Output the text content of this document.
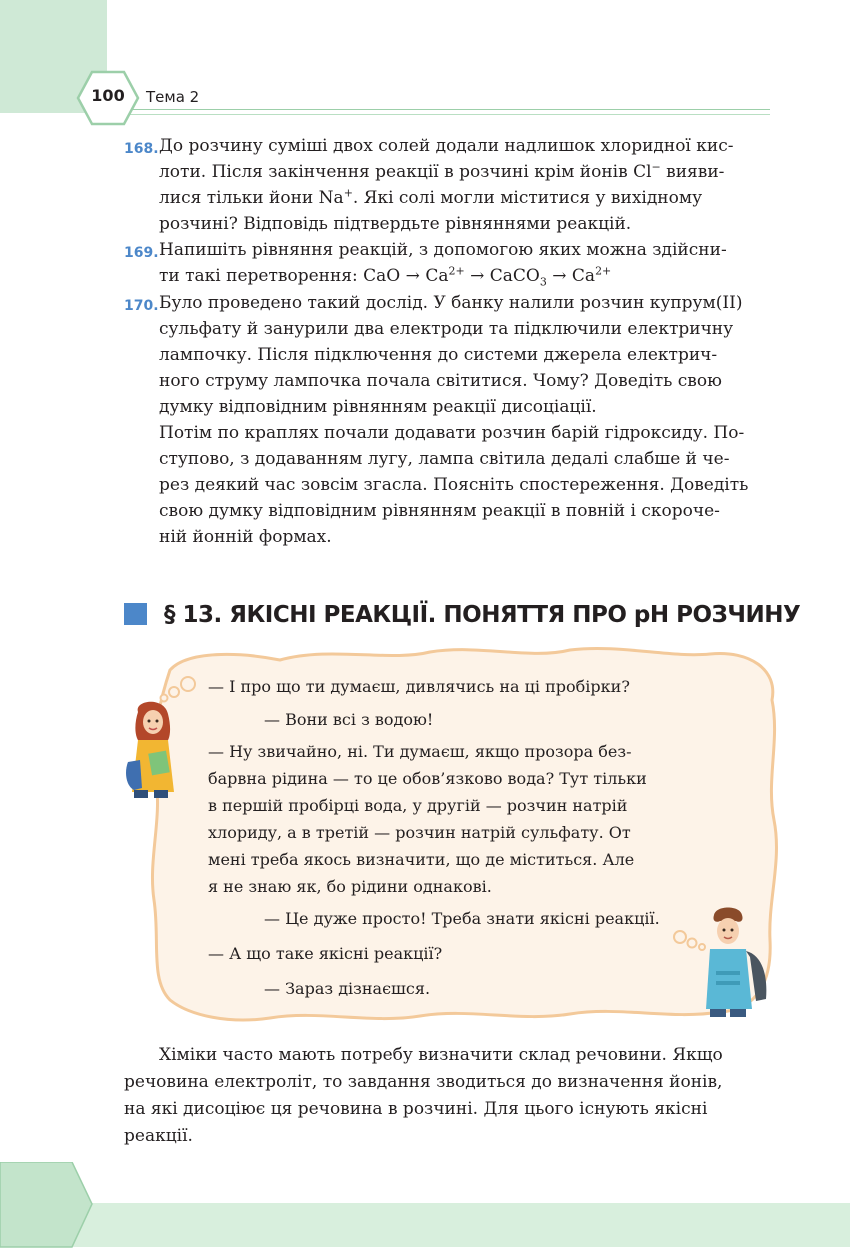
100	Тема 2
168. До розчину суміші двох солей додали надлишок хлоридної кис-
лоти. Після закінчення реакції в розчині крім йонів Cl− вияви-
лися тільки йони Na+. Які солі могли міститися у вихідному
розчині? Відповідь підтвердьте рівняннями реакцій.
169. Напишіть рівняння реакцій, з допомогою яких можна здійсни-
ти такі перетворення: CaO → $Ca^{2+}$ → CaCO$_3$ → $Ca^{2+}$
170. Було проведено такий дослід. У банку налили розчин купрум(II)
сульфату й занурили два електроди та підключили електричну
лампочку. Після підключення до системи джерела електрич-
ного струму лампочка почала світитися. Чому? Доведіть свою
думку відповідним рівнянням реакції дисоціації.
Потім по краплях почали додавати розчин барій гідроксиду. По-
ступово, з додаванням лугу, лампа світила дедалі слабше й че-
рез деякий час зовсім згасла. Поясніть спостереження. Доведіть
свою думку відповідним рівнянням реакції в повній і скороче-
ній йонній формах.
§ 13. ЯКІСНІ РЕАКЦІЇ. ПОНЯТТЯ ПРО pH РОЗЧИНУ
— І про що ти думаєш, дивлячись на ці пробірки?
— Вони всі з водою!
— Ну звичайно, ні. Ти думаєш, якщо прозора без-
барвна рідина — то це обов’язково вода? Тут тільки
в першій пробірці вода, у другій — розчин натрій
хлориду, а в третій — розчин натрій сульфату. От
мені треба якось визначити, що де міститься. Але
я не знаю як, бо рідини однакові.
— Це дуже просто! Треба знати якісні реакції.
— А що таке якісні реакції?
— Зараз дізнаєшся.
Хіміки часто мають потребу визначити склад речовини. Якщо
речовина електроліт, то завдання зводиться до визначення йонів,
на які дисоціює ця речовина в розчині. Для цього існують якісні
реакції.
